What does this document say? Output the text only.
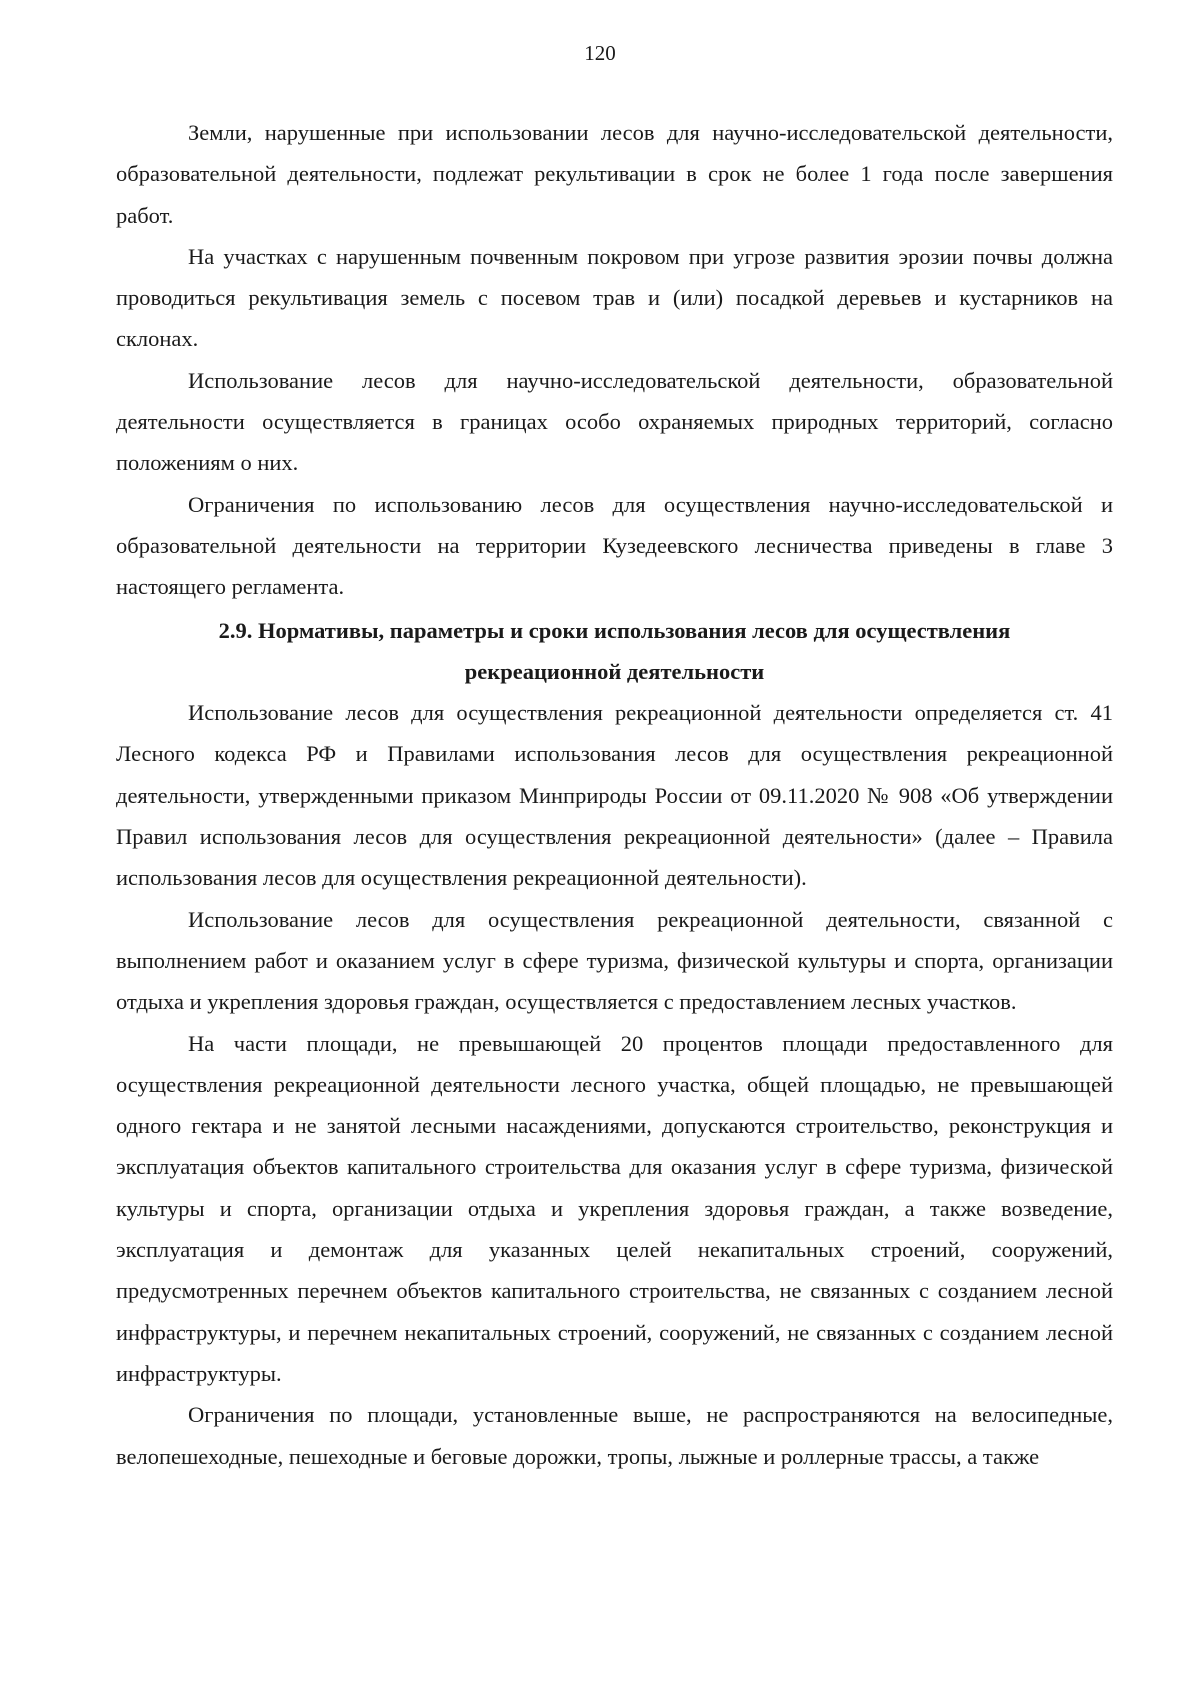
120

Земли, нарушенные при использовании лесов для научно-исследовательской деятельности, образовательной деятельности, подлежат рекультивации в срок не более 1 года после завершения работ.

На участках с нарушенным почвенным покровом при угрозе развития эрозии почвы должна проводиться рекультивация земель с посевом трав и (или) посадкой деревьев и кустарников на склонах.

Использование лесов для научно-исследовательской деятельности, образовательной деятельности осуществляется в границах особо охраняемых природных территорий, согласно положениям о них.

Ограничения по использованию лесов для осуществления научно-исследовательской и образовательной деятельности на территории Кузедеевского лесничества приведены в главе 3 настоящего регламента.

2.9. Нормативы, параметры и сроки использования лесов для осуществления рекреационной деятельности

Использование лесов для осуществления рекреационной деятельности определяется ст. 41 Лесного кодекса РФ и Правилами использования лесов для осуществления рекреационной деятельности, утвержденными приказом Минприроды России от 09.11.2020 № 908 «Об утверждении Правил использования лесов для осуществления рекреационной деятельности» (далее – Правила использования лесов для осуществления рекреационной деятельности).

Использование лесов для осуществления рекреационной деятельности, связанной с выполнением работ и оказанием услуг в сфере туризма, физической культуры и спорта, организации отдыха и укрепления здоровья граждан, осуществляется с предоставлением лесных участков.

На части площади, не превышающей 20 процентов площади предоставленного для осуществления рекреационной деятельности лесного участка, общей площадью, не превышающей одного гектара и не занятой лесными насаждениями, допускаются строительство, реконструкция и эксплуатация объектов капитального строительства для оказания услуг в сфере туризма, физической культуры и спорта, организации отдыха и укрепления здоровья граждан, а также возведение, эксплуатация и демонтаж для указанных целей некапитальных строений, сооружений, предусмотренных перечнем объектов капитального строительства, не связанных с созданием лесной инфраструктуры, и перечнем некапитальных строений, сооружений, не связанных с созданием лесной инфраструктуры.

Ограничения по площади, установленные выше, не распространяются на велосипедные, велопешеходные, пешеходные и беговые дорожки, тропы, лыжные и роллерные трассы, а также
